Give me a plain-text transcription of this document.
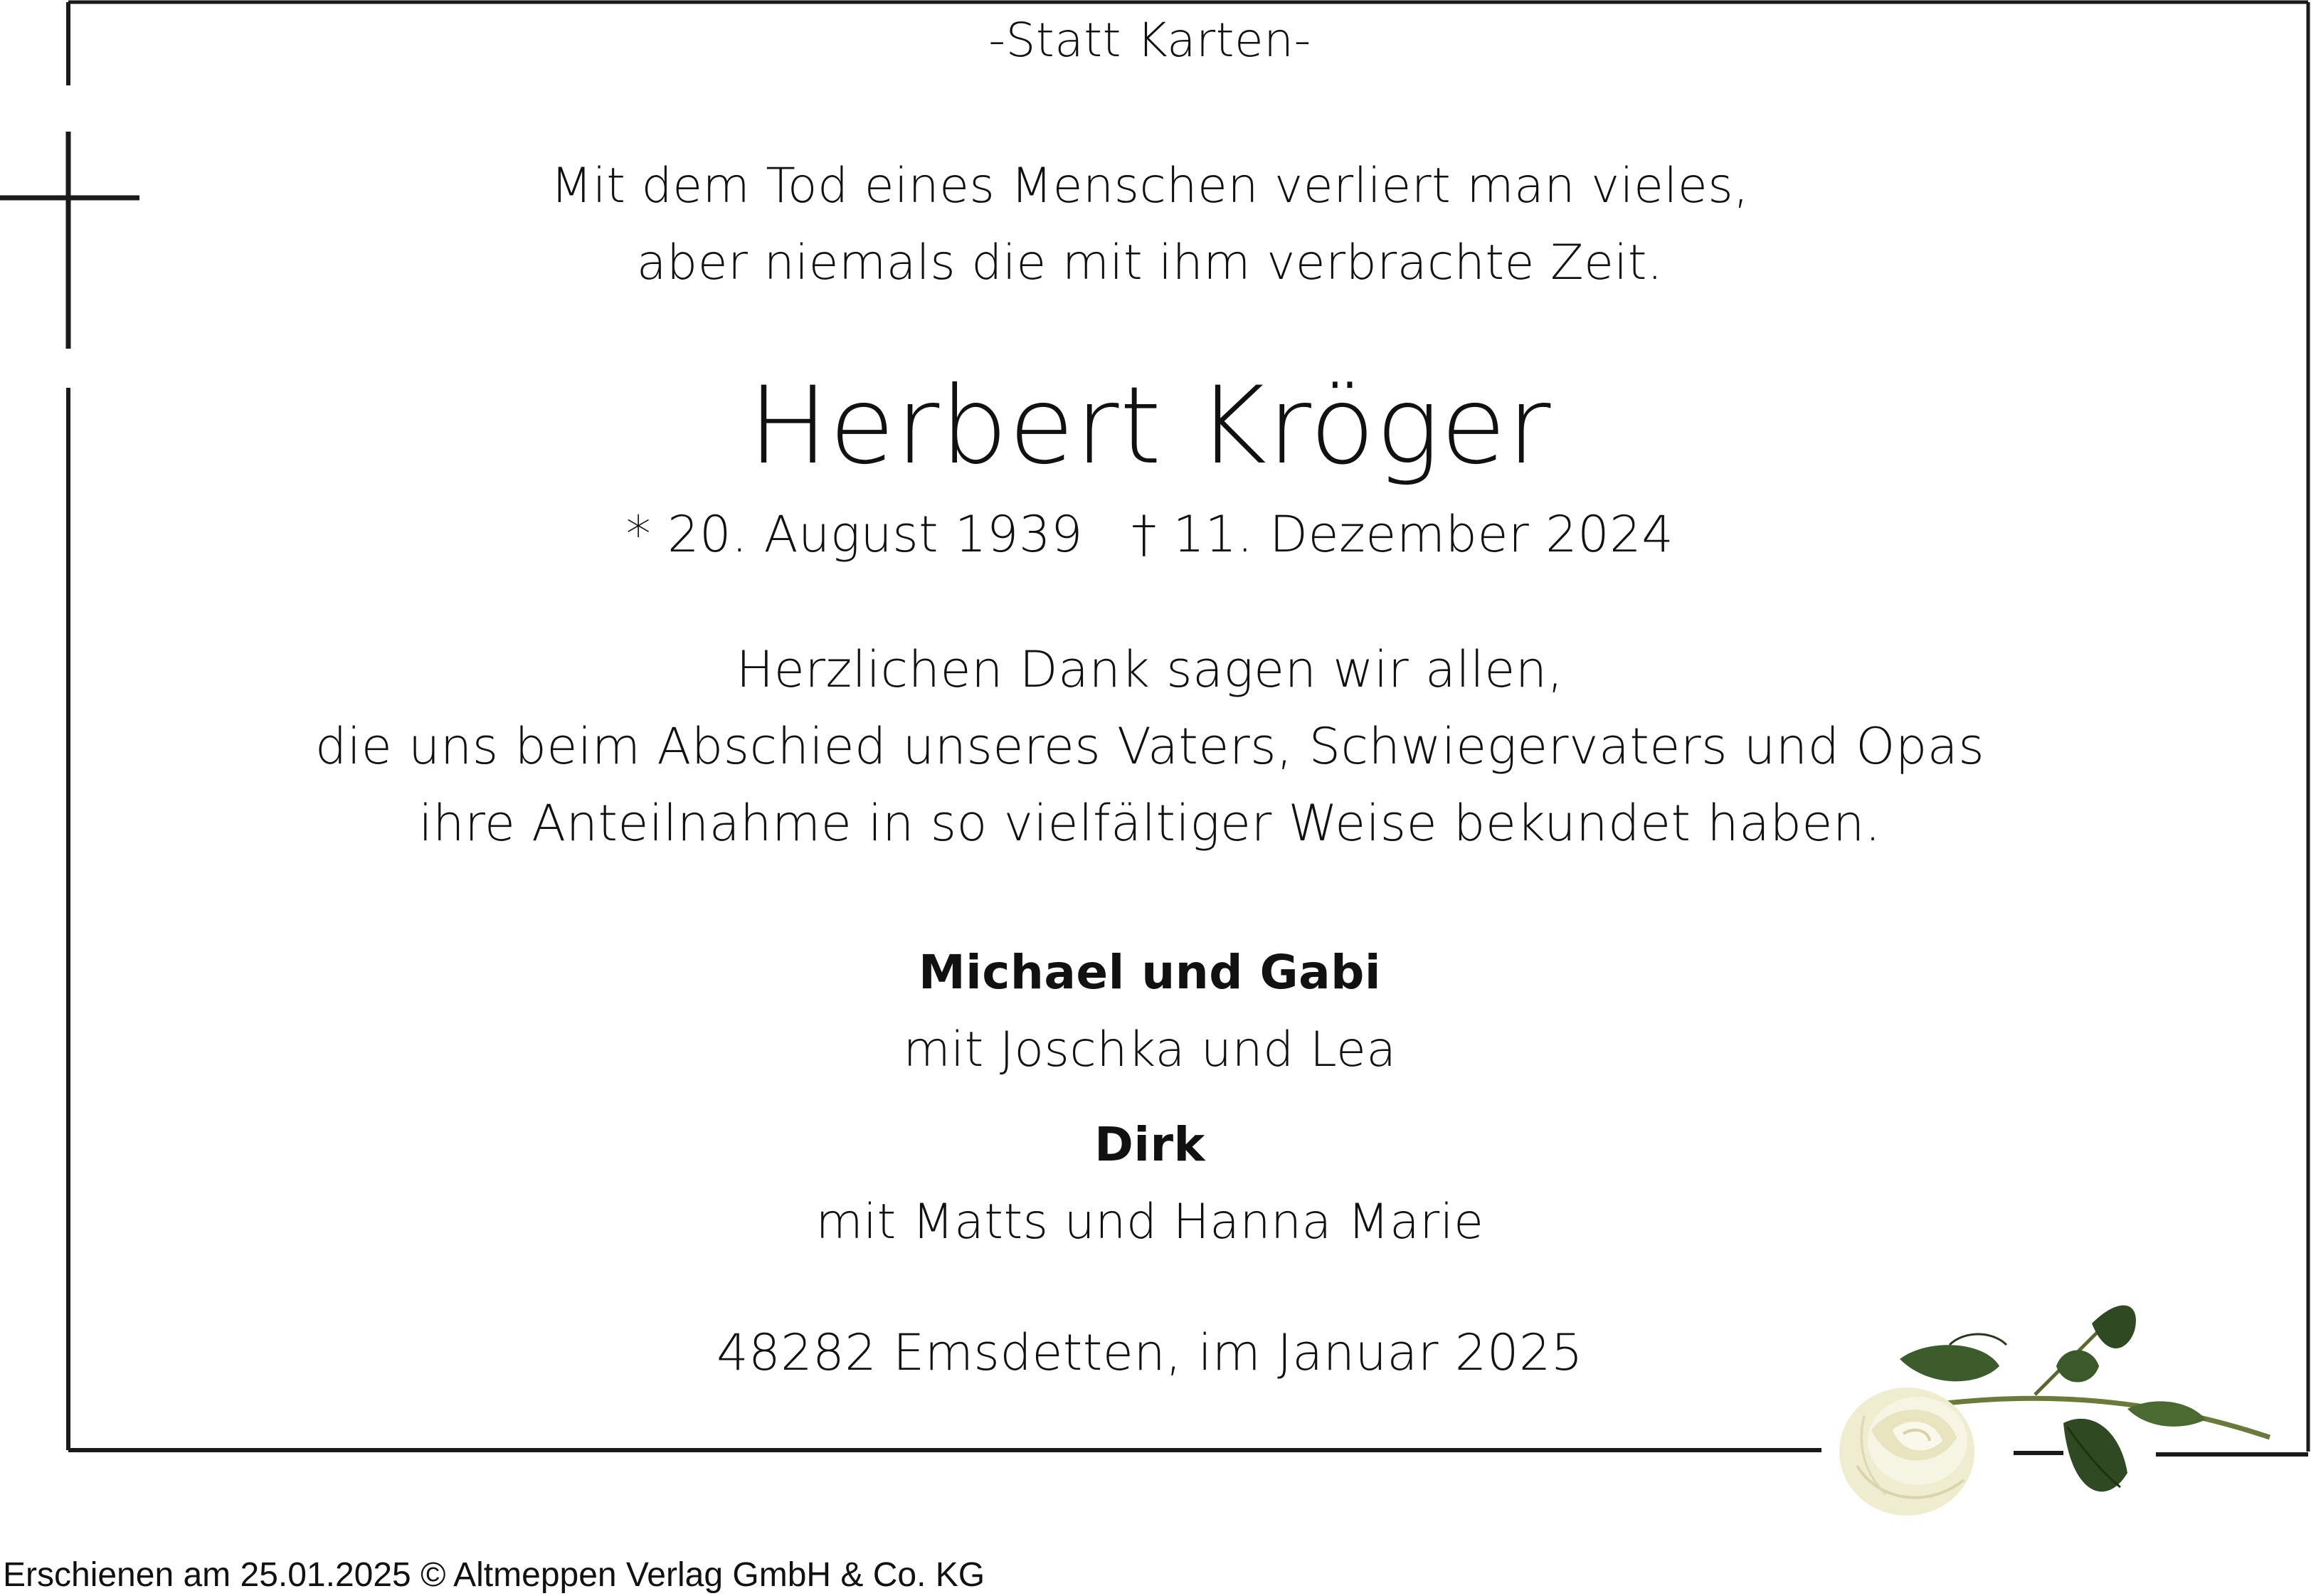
-Statt Karten-
Mit dem Tod eines Menschen verliert man vieles,
aber niemals die mit ihm verbrachte Zeit.
Herbert Kröger
* 20. August 1939   † 11. Dezember 2024
Herzlichen Dank sagen wir allen,
die uns beim Abschied unseres Vaters, Schwiegervaters und Opas
ihre Anteilnahme in so vielfältiger Weise bekundet haben.
Michael und Gabi
mit Joschka und Lea
Dirk
mit Matts und Hanna Marie
48282 Emsdetten, im Januar 2025
Erschienen am 25.01.2025 © Altmeppen Verlag GmbH & Co. KG
